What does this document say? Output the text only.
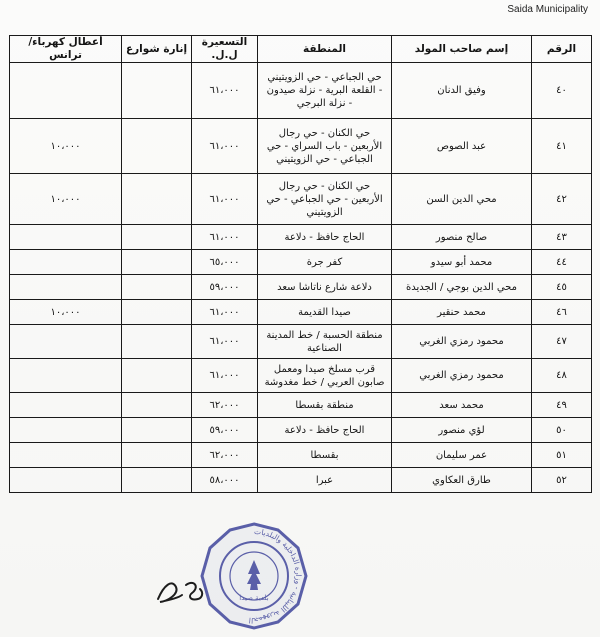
Saida Municipality
الرقم	إسم صاحب المولد	المنطقة	التسعيرة ل.ل.	إنارة شوارع	أعطال كهرباء/ترانس
٤٠	وفيق الدنان	حي الجباعي - حي الزويتيني
- القلعة البرية - نزلة صيدون
- نزلة البرجي	٦١،٠٠٠		
٤١	عبد الصوص	حي الكنان - حي رجال
الأربعين - باب السراي - حي
الجباعي - حي الزويتيني	٦١،٠٠٠		١٠،٠٠٠
٤٢	محي الدين السن	حي الكنان - حي رجال
الأربعين - حي الجباعي - حي
الزويتيني	٦١،٠٠٠		١٠،٠٠٠
٤٣	صالح منصور	الحاج حافظ - دلاعة	٦١،٠٠٠		
٤٤	محمد أبو سيدو	كفر جرة	٦٥،٠٠٠		
٤٥	محي الدين بوجي / الجديدة	دلاعة شارع ناتاشا سعد	٥٩،٠٠٠		
٤٦	محمد حنقير	صيدا القديمة	٦١،٠٠٠		١٠،٠٠٠
٤٧	محمود رمزي الغربي	منطقة الحسبة / خط المدينة
الصناعية	٦١،٠٠٠		
٤٨	محمود رمزي الغربي	قرب مسلخ صيدا ومعمل
صابون العربي / خط مغدوشة	٦١،٠٠٠		
٤٩	محمد سعد	منطقة بقسطا	٦٢،٠٠٠		
٥٠	لؤي منصور	الحاج حافظ - دلاعة	٥٩،٠٠٠		
٥١	عمر سليمان	بقسطا	٦٢،٠٠٠		
٥٢	طارق العكاوي	عبرا	٥٨،٠٠٠		
الجمهورية اللبنانية - وزارة الداخلية والبلديات
بلدية صيدا
